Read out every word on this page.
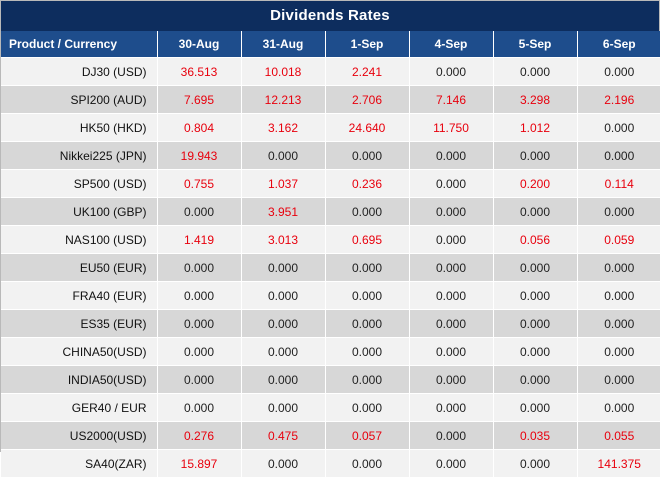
Dividends Rates
Product / Currency	30-Aug	31-Aug	1-Sep	4-Sep	5-Sep	6-Sep
DJ30 (USD)	36.513	10.018	2.241	0.000	0.000	0.000
SPI200 (AUD)	7.695	12.213	2.706	7.146	3.298	2.196
HK50 (HKD)	0.804	3.162	24.640	11.750	1.012	0.000
Nikkei225 (JPN)	19.943	0.000	0.000	0.000	0.000	0.000
SP500 (USD)	0.755	1.037	0.236	0.000	0.200	0.114
UK100 (GBP)	0.000	3.951	0.000	0.000	0.000	0.000
NAS100 (USD)	1.419	3.013	0.695	0.000	0.056	0.059
EU50 (EUR)	0.000	0.000	0.000	0.000	0.000	0.000
FRA40 (EUR)	0.000	0.000	0.000	0.000	0.000	0.000
ES35 (EUR)	0.000	0.000	0.000	0.000	0.000	0.000
CHINA50(USD)	0.000	0.000	0.000	0.000	0.000	0.000
INDIA50(USD)	0.000	0.000	0.000	0.000	0.000	0.000
GER40 / EUR	0.000	0.000	0.000	0.000	0.000	0.000
US2000(USD)	0.276	0.475	0.057	0.000	0.035	0.055
SA40(ZAR)	15.897	0.000	0.000	0.000	0.000	141.375
